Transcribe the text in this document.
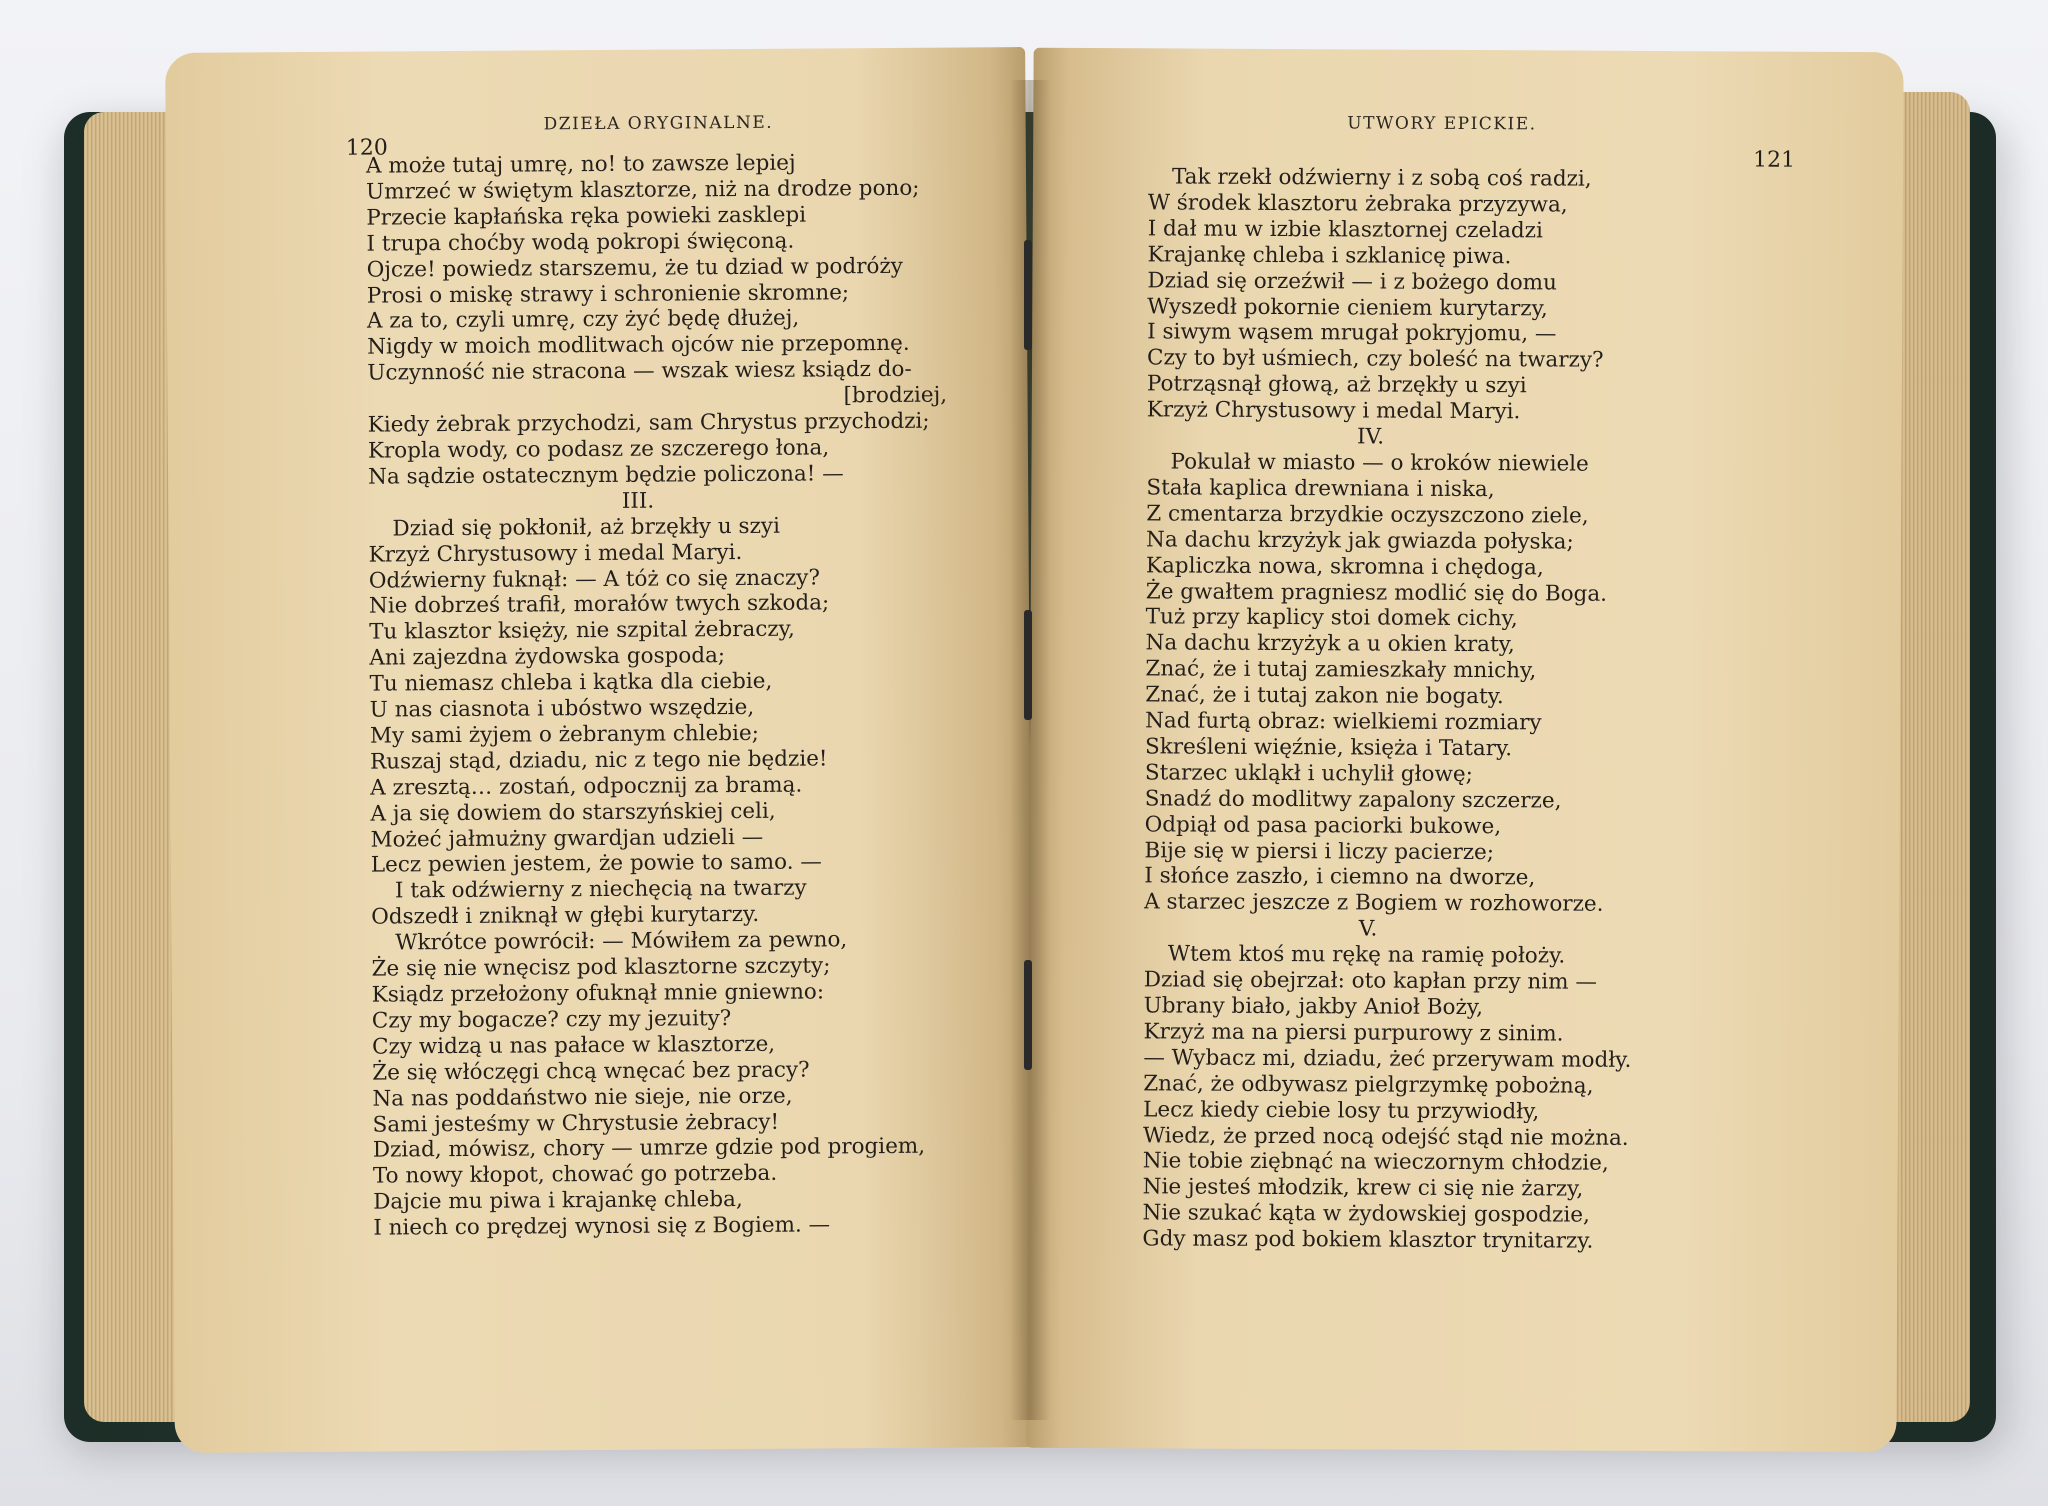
120
DZIEŁA ORYGINALNE.
A może tutaj umrę, no! to zawsze lepiej
Umrzeć w świętym klasztorze, niż na drodze pono;
Przecie kapłańska ręka powieki zasklepi
I trupa choćby wodą pokropi święconą.
Ojcze! powiedz starszemu, że tu dziad w podróży
Prosi o miskę strawy i schronienie skromne;
A za to, czyli umrę, czy żyć będę dłużej,
Nigdy w moich modlitwach ojców nie przepomnę.
Uczynność nie stracona — wszak wiesz ksiądz do-
[brodziej,
Kiedy żebrak przychodzi, sam Chrystus przychodzi;
Kropla wody, co podasz ze szczerego łona,
Na sądzie ostatecznym będzie policzona! —
III.
Dziad się pokłonił, aż brzękły u szyi
Krzyż Chrystusowy i medal Maryi.
Odźwierny fuknął: — A tóż co się znaczy?
Nie dobrześ trafił, morałów twych szkoda;
Tu klasztor księży, nie szpital żebraczy,
Ani zajezdna żydowska gospoda;
Tu niemasz chleba i kątka dla ciebie,
U nas ciasnota i ubóstwo wszędzie,
My sami żyjem o żebranym chlebie;
Ruszaj stąd, dziadu, nic z tego nie będzie!
A zresztą… zostań, odpocznij za bramą.
A ja się dowiem do starszyńskiej celi,
Możeć jałmużny gwardjan udzieli —
Lecz pewien jestem, że powie to samo. —
I tak odźwierny z niechęcią na twarzy
Odszedł i zniknął w głębi kurytarzy.
Wkrótce powrócił: — Mówiłem za pewno,
Że się nie wnęcisz pod klasztorne szczyty;
Ksiądz przełożony ofuknął mnie gniewno:
Czy my bogacze? czy my jezuity?
Czy widzą u nas pałace w klasztorze,
Że się włóczęgi chcą wnęcać bez pracy?
Na nas poddaństwo nie sieje, nie orze,
Sami jesteśmy w Chrystusie żebracy!
Dziad, mówisz, chory — umrze gdzie pod progiem,
To nowy kłopot, chować go potrzeba.
Dajcie mu piwa i krajankę chleba,
I niech co prędzej wynosi się z Bogiem. —
UTWORY EPICKIE.
121
Tak rzekł odźwierny i z sobą coś radzi,
W środek klasztoru żebraka przyzywa,
I dał mu w izbie klasztornej czeladzi
Krajankę chleba i szklanicę piwa.
Dziad się orzeźwił — i z bożego domu
Wyszedł pokornie cieniem kurytarzy,
I siwym wąsem mrugał pokryjomu, —
Czy to był uśmiech, czy boleść na twarzy?
Potrząsnął głową, aż brzękły u szyi
Krzyż Chrystusowy i medal Maryi.
IV.
Pokulał w miasto — o kroków niewiele
Stała kaplica drewniana i niska,
Z cmentarza brzydkie oczyszczono ziele,
Na dachu krzyżyk jak gwiazda połyska;
Kapliczka nowa, skromna i chędoga,
Że gwałtem pragniesz modlić się do Boga.
Tuż przy kaplicy stoi domek cichy,
Na dachu krzyżyk a u okien kraty,
Znać, że i tutaj zamieszkały mnichy,
Znać, że i tutaj zakon nie bogaty.
Nad furtą obraz: wielkiemi rozmiary
Skreśleni więźnie, księża i Tatary.
Starzec ukląkł i uchylił głowę;
Snadź do modlitwy zapalony szczerze,
Odpiął od pasa paciorki bukowe,
Bije się w piersi i liczy pacierze;
I słońce zaszło, i ciemno na dworze,
A starzec jeszcze z Bogiem w rozhoworze.
V.
Wtem ktoś mu rękę na ramię położy.
Dziad się obejrzał: oto kapłan przy nim —
Ubrany biało, jakby Anioł Boży,
Krzyż ma na piersi purpurowy z sinim.
— Wybacz mi, dziadu, żeć przerywam modły.
Znać, że odbywasz pielgrzymkę pobożną,
Lecz kiedy ciebie losy tu przywiodły,
Wiedz, że przed nocą odejść stąd nie można.
Nie tobie ziębnąć na wieczornym chłodzie,
Nie jesteś młodzik, krew ci się nie żarzy,
Nie szukać kąta w żydowskiej gospodzie,
Gdy masz pod bokiem klasztor trynitarzy.
